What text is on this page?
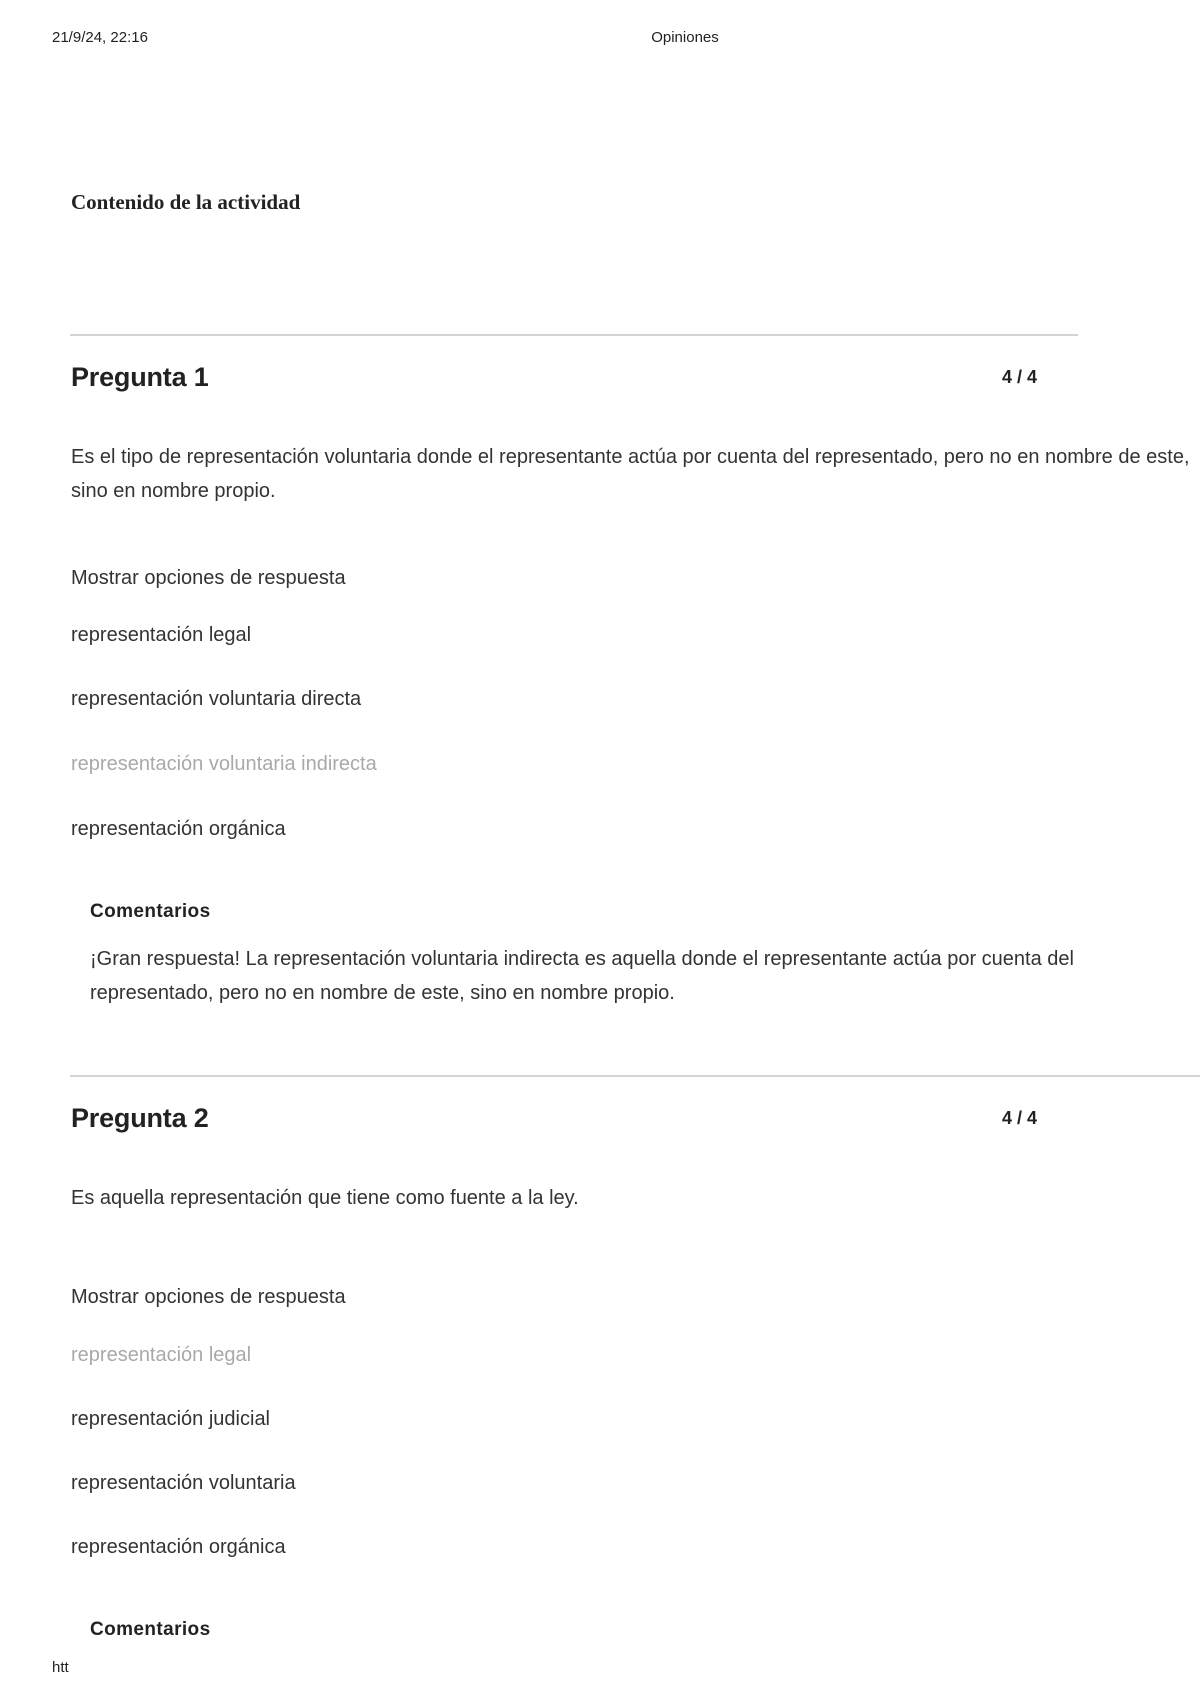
21/9/24, 22:16	Opiniones
Contenido de la actividad
Pregunta 1	4 / 4
Es el tipo de representación voluntaria donde el representante actúa por cuenta del representado, pero no en nombre de este, sino en nombre propio.
Mostrar opciones de respuesta
representación legal
representación voluntaria directa
representación voluntaria indirecta
representación orgánica
Comentarios
¡Gran respuesta! La representación voluntaria indirecta es aquella donde el representante actúa por cuenta del representado, pero no en nombre de este, sino en nombre propio.
Pregunta 2	4 / 4
Es aquella representación que tiene como fuente a la ley.
Mostrar opciones de respuesta
representación legal
representación judicial
representación voluntaria
representación orgánica
Comentarios
htt
